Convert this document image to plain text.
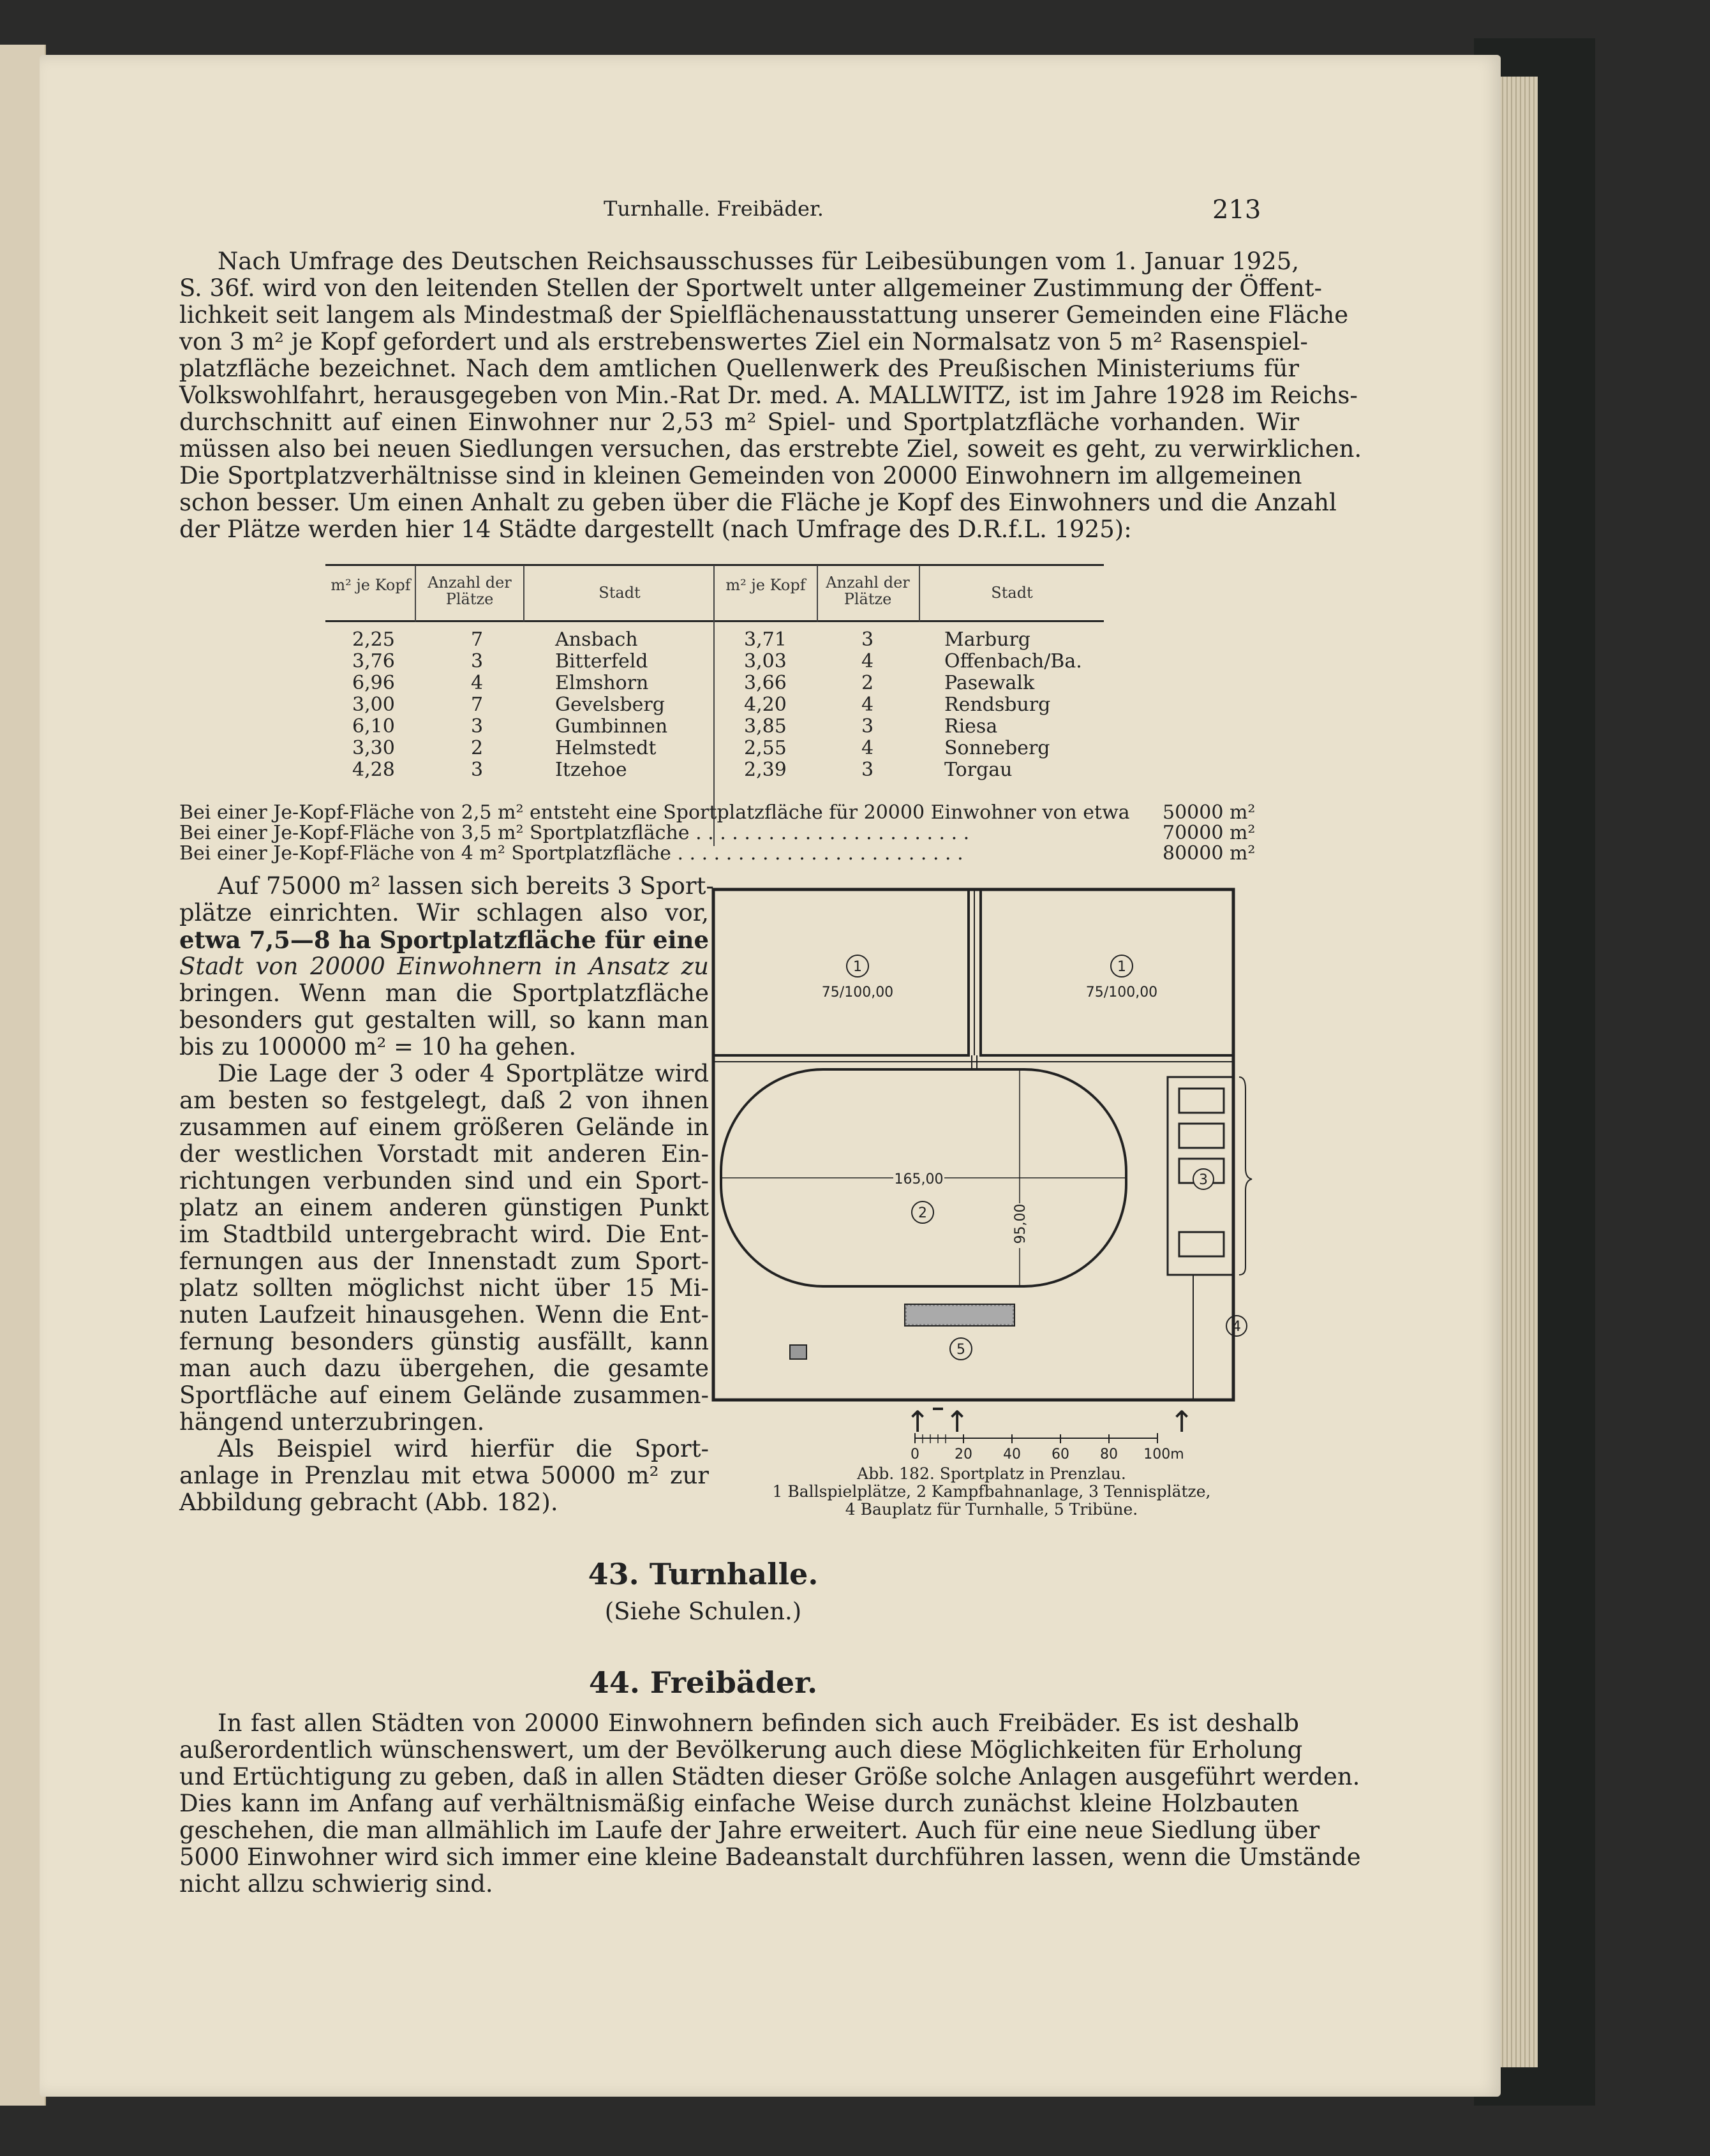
Turnhalle. Freibäder.	213
Nach Umfrage des Deutschen Reichsausschusses für Leibesübungen vom 1. Januar 1925,
S. 36f. wird von den leitenden Stellen der Sportwelt unter allgemeiner Zustimmung der Öffent-
lichkeit seit langem als Mindestmaß der Spielflächenausstattung unserer Gemeinden eine Fläche
von 3 m² je Kopf gefordert und als erstrebenswertes Ziel ein Normalsatz von 5 m² Rasenspiel-
platzfläche bezeichnet. Nach dem amtlichen Quellenwerk des Preußischen Ministeriums für
Volkswohlfahrt, herausgegeben von Min.-Rat Dr. med. A. MALLWITZ, ist im Jahre 1928 im Reichs-
durchschnitt auf einen Einwohner nur 2,53 m² Spiel- und Sportplatzfläche vorhanden. Wir
müssen also bei neuen Siedlungen versuchen, das erstrebte Ziel, soweit es geht, zu verwirklichen.
Die Sportplatzverhältnisse sind in kleinen Gemeinden von 20000 Einwohnern im allgemeinen
schon besser. Um einen Anhalt zu geben über die Fläche je Kopf des Einwohners und die Anzahl
der Plätze werden hier 14 Städte dargestellt (nach Umfrage des D.R.f.L. 1925):
m² je Kopf	Anzahl der Plätze	Stadt	m² je Kopf	Anzahl der Plätze	Stadt
2,25	7	Ansbach	3,71	3	Marburg
3,76	3	Bitterfeld	3,03	4	Offenbach/Ba.
6,96	4	Elmshorn	3,66	2	Pasewalk
3,00	7	Gevelsberg	4,20	4	Rendsburg
6,10	3	Gumbinnen	3,85	3	Riesa
3,30	2	Helmstedt	2,55	4	Sonneberg
4,28	3	Itzehoe	2,39	3	Torgau
Bei einer Je-Kopf-Fläche von 2,5 m² entsteht eine Sportplatzfläche für 20000 Einwohner von etwa 50000 m²
Bei einer Je-Kopf-Fläche von 3,5 m² Sportplatzfläche . . . . . . . . . . . . . . . . . . . . . . .	70000 m²
Bei einer Je-Kopf-Fläche von 4 m² Sportplatzfläche . . . . . . . . . . . . . . . . . . . . . . . .	80000 m²
Auf 75000 m² lassen sich bereits 3 Sport-
plätze einrichten. Wir schlagen also vor,
etwa 7,5—8 ha Sportplatzfläche für eine
Stadt von 20000 Einwohnern in Ansatz zu
bringen. Wenn man die Sportplatzfläche
besonders gut gestalten will, so kann man
bis zu 100000 m² = 10 ha gehen.
Die Lage der 3 oder 4 Sportplätze wird
am besten so festgelegt, daß 2 von ihnen
zusammen auf einem größeren Gelände in
der westlichen Vorstadt mit anderen Ein-
richtungen verbunden sind und ein Sport-
platz an einem anderen günstigen Punkt
im Stadtbild untergebracht wird. Die Ent-
fernungen aus der Innenstadt zum Sport-
platz sollten möglichst nicht über 15 Mi-
nuten Laufzeit hinausgehen. Wenn die Ent-
fernung besonders günstig ausfällt, kann
man auch dazu übergehen, die gesamte
Sportfläche auf einem Gelände zusammen-
hängend unterzubringen.
Als Beispiel wird hierfür die Sport-
anlage in Prenzlau mit etwa 50000 m² zur
Abbildung gebracht (Abb. 182).
1
75/100,00
1
75/100,00
165,00
2	95,00
3
4
5
↑ ↑	↑
0	20 40 60 80 100m
Abb. 182. Sportplatz in Prenzlau.
1 Ballspielplätze, 2 Kampfbahnanlage, 3 Tennisplätze,
4 Bauplatz für Turnhalle, 5 Tribüne.
43. Turnhalle.
(Siehe Schulen.)
44. Freibäder.
In fast allen Städten von 20000 Einwohnern befinden sich auch Freibäder. Es ist deshalb
außerordentlich wünschenswert, um der Bevölkerung auch diese Möglichkeiten für Erholung
und Ertüchtigung zu geben, daß in allen Städten dieser Größe solche Anlagen ausgeführt werden.
Dies kann im Anfang auf verhältnismäßig einfache Weise durch zunächst kleine Holzbauten
geschehen, die man allmählich im Laufe der Jahre erweitert. Auch für eine neue Siedlung über
5000 Einwohner wird sich immer eine kleine Badeanstalt durchführen lassen, wenn die Umstände
nicht allzu schwierig sind.
